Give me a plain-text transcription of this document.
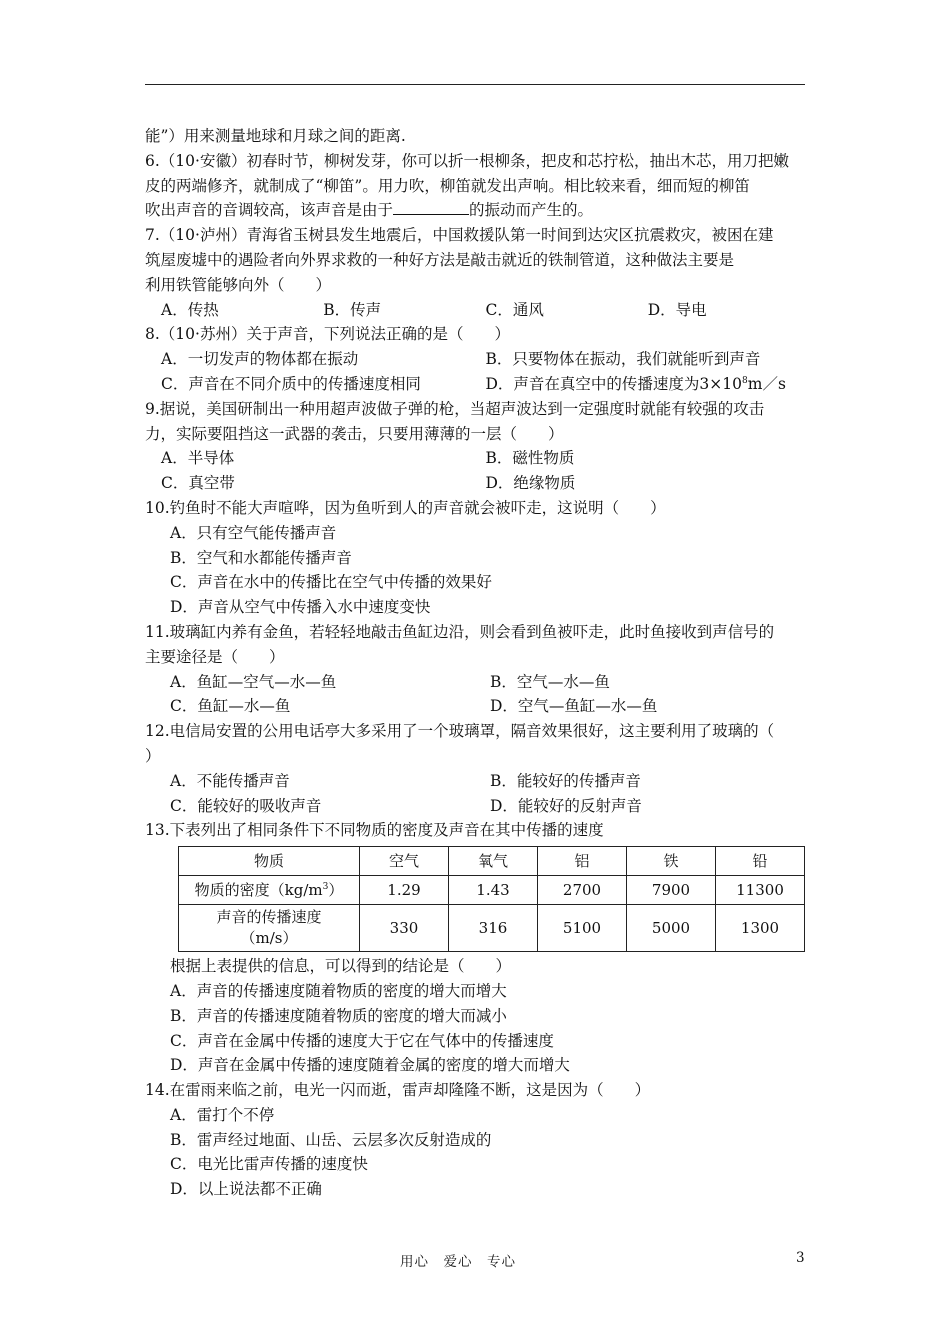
能”）用来测量地球和月球之间的距离.

6.（10·安徽）初春时节，柳树发芽，你可以折一根柳条，把皮和芯拧松，抽出木芯，用刀把嫩

皮的两端修齐，就制成了“柳笛”。用力吹，柳笛就发出声响。相比较来看，细而短的柳笛

吹出声音的音调较高，该声音是由于	的振动而产生的。

7.（10·泸州）青海省玉树县发生地震后，中国救援队第一时间到达灾区抗震救灾，被困在建

筑屋废墟中的遇险者向外界求救的一种好方法是敲击就近的铁制管道，这种做法主要是

利用铁管能够向外（　　）

A．传热	B．传声	C．通风	D．导电

8.（10·苏州）关于声音，下列说法正确的是（　　）

A．一切发声的物体都在振动	B．只要物体在振动，我们就能听到声音
C．声音在不同介质中的传播速度相同	D．声音在真空中的传播速度为$3\times 10^8m/s$

9.据说，美国研制出一种用超声波做子弹的枪，当超声波达到一定强度时就能有较强的攻击

力，实际要阻挡这一武器的袭击，只要用薄薄的一层（　　）

A．半导体	B．磁性物质
C．真空带	D．绝缘物质

10.钓鱼时不能大声喧哗，因为鱼听到人的声音就会被吓走，这说明（　　）

A．只有空气能传播声音

B．空气和水都能传播声音

C．声音在水中的传播比在空气中传播的效果好

D．声音从空气中传播入水中速度变快

11.玻璃缸内养有金鱼，若轻轻地敲击鱼缸边沿，则会看到鱼被吓走，此时鱼接收到声信号的

主要途径是（　　）

A．鱼缸—空气—水—鱼	B．空气—水—鱼
C．鱼缸—水—鱼	D．空气—鱼缸—水—鱼

12.电信局安置的公用电话亭大多采用了一个玻璃罩，隔音效果很好，这主要利用了玻璃的（

）

A．不能传播声音	B．能较好的传播声音
C．能较好的吸收声音	D．能较好的反射声音

13.下表列出了相同条件下不同物质的密度及声音在其中传播的速度

物质	空气	氧气	铝	铁	铅
物质的密度$(kg/m^3)$	1.29	1.43	2700	7900	11300
声音的传播速度
（m/s）	330	316	5100	5000	1300

根据上表提供的信息，可以得到的结论是（　　）

A．声音的传播速度随着物质的密度的增大而增大

B．声音的传播速度随着物质的密度的增大而减小

C．声音在金属中传播的速度大于它在气体中的传播速度

D．声音在金属中传播的速度随着金属的密度的增大而增大

14.在雷雨来临之前，电光一闪而逝，雷声却隆隆不断，这是因为（　　）

A．雷打个不停

B．雷声经过地面、山岳、云层多次反射造成的

C．电光比雷声传播的速度快

D．以上说法都不正确

用心　爱心　专心	3
